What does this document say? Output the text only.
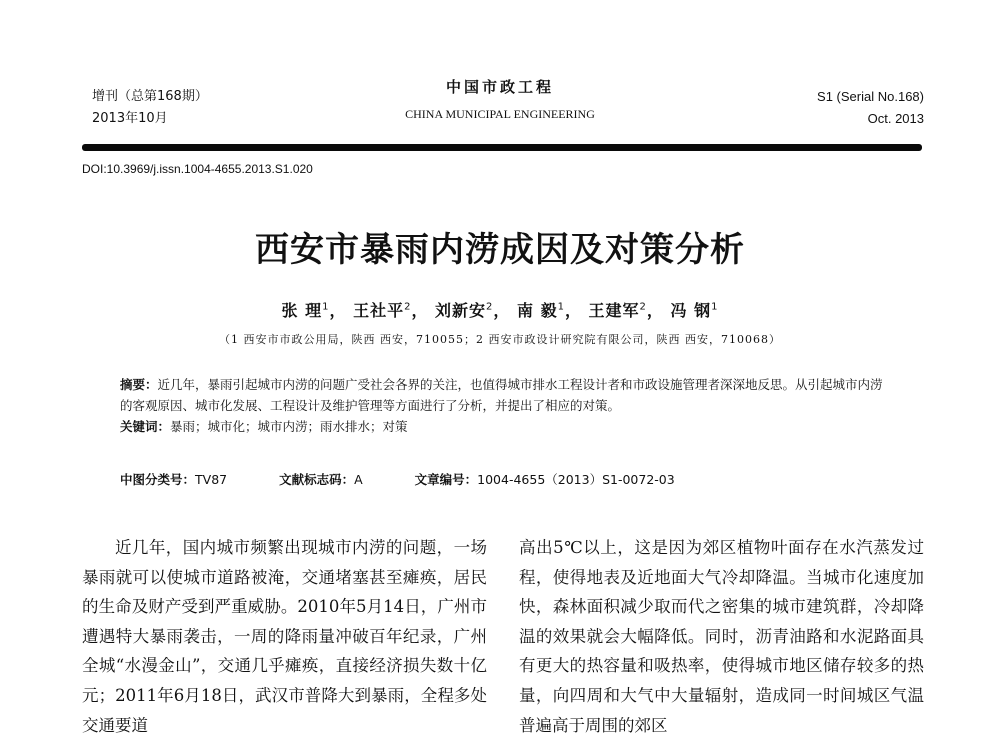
增刊（总第168期）
2013年10月
中国市政工程
CHINA MUNICIPAL ENGINEERING
S1 (Serial No.168)
Oct. 2013
DOI:10.3969/j.issn.1004-4655.2013.S1.020
西安市暴雨内涝成因及对策分析
张 理$^1$， 王社平$^2$， 刘新安$^2$， 南 毅$^1$， 王建军$^2$， 冯 钢$^1$
（1 西安市市政公用局，陕西 西安，710055；2 西安市政设计研究院有限公司，陕西 西安，710068）
摘要：近几年，暴雨引起城市内涝的问题广受社会各界的关注，也值得城市排水工程设计者和市政设施管理者深深地反思。从引起城市内涝的客观原因、城市化发展、工程设计及维护管理等方面进行了分析，并提出了相应的对策。
关键词：暴雨；城市化；城市内涝；雨水排水；对策
中图分类号：TV87	文献标志码：A	文章编号：1004-4655（2013）S1-0072-03
近几年，国内城市频繁出现城市内涝的问题，一场暴雨就可以使城市道路被淹，交通堵塞甚至瘫痪，居民的生命及财产受到严重威胁。2010年5月14日，广州市遭遇特大暴雨袭击，一周的降雨量冲破百年纪录，广州全城“水漫金山”，交通几乎瘫痪，直接经济损失数十亿元；2011年6月18日，武汉市普降大到暴雨，全程多处交通要道
高出5℃以上，这是因为郊区植物叶面存在水汽蒸发过程，使得地表及近地面大气冷却降温。当城市化速度加快，森林面积减少取而代之密集的城市建筑群，冷却降温的效果就会大幅降低。同时，沥青油路和水泥路面具有更大的热容量和吸热率，使得城市地区储存较多的热量，向四周和大气中大量辐射，造成同一时间城区气温普遍高于周围的郊区
